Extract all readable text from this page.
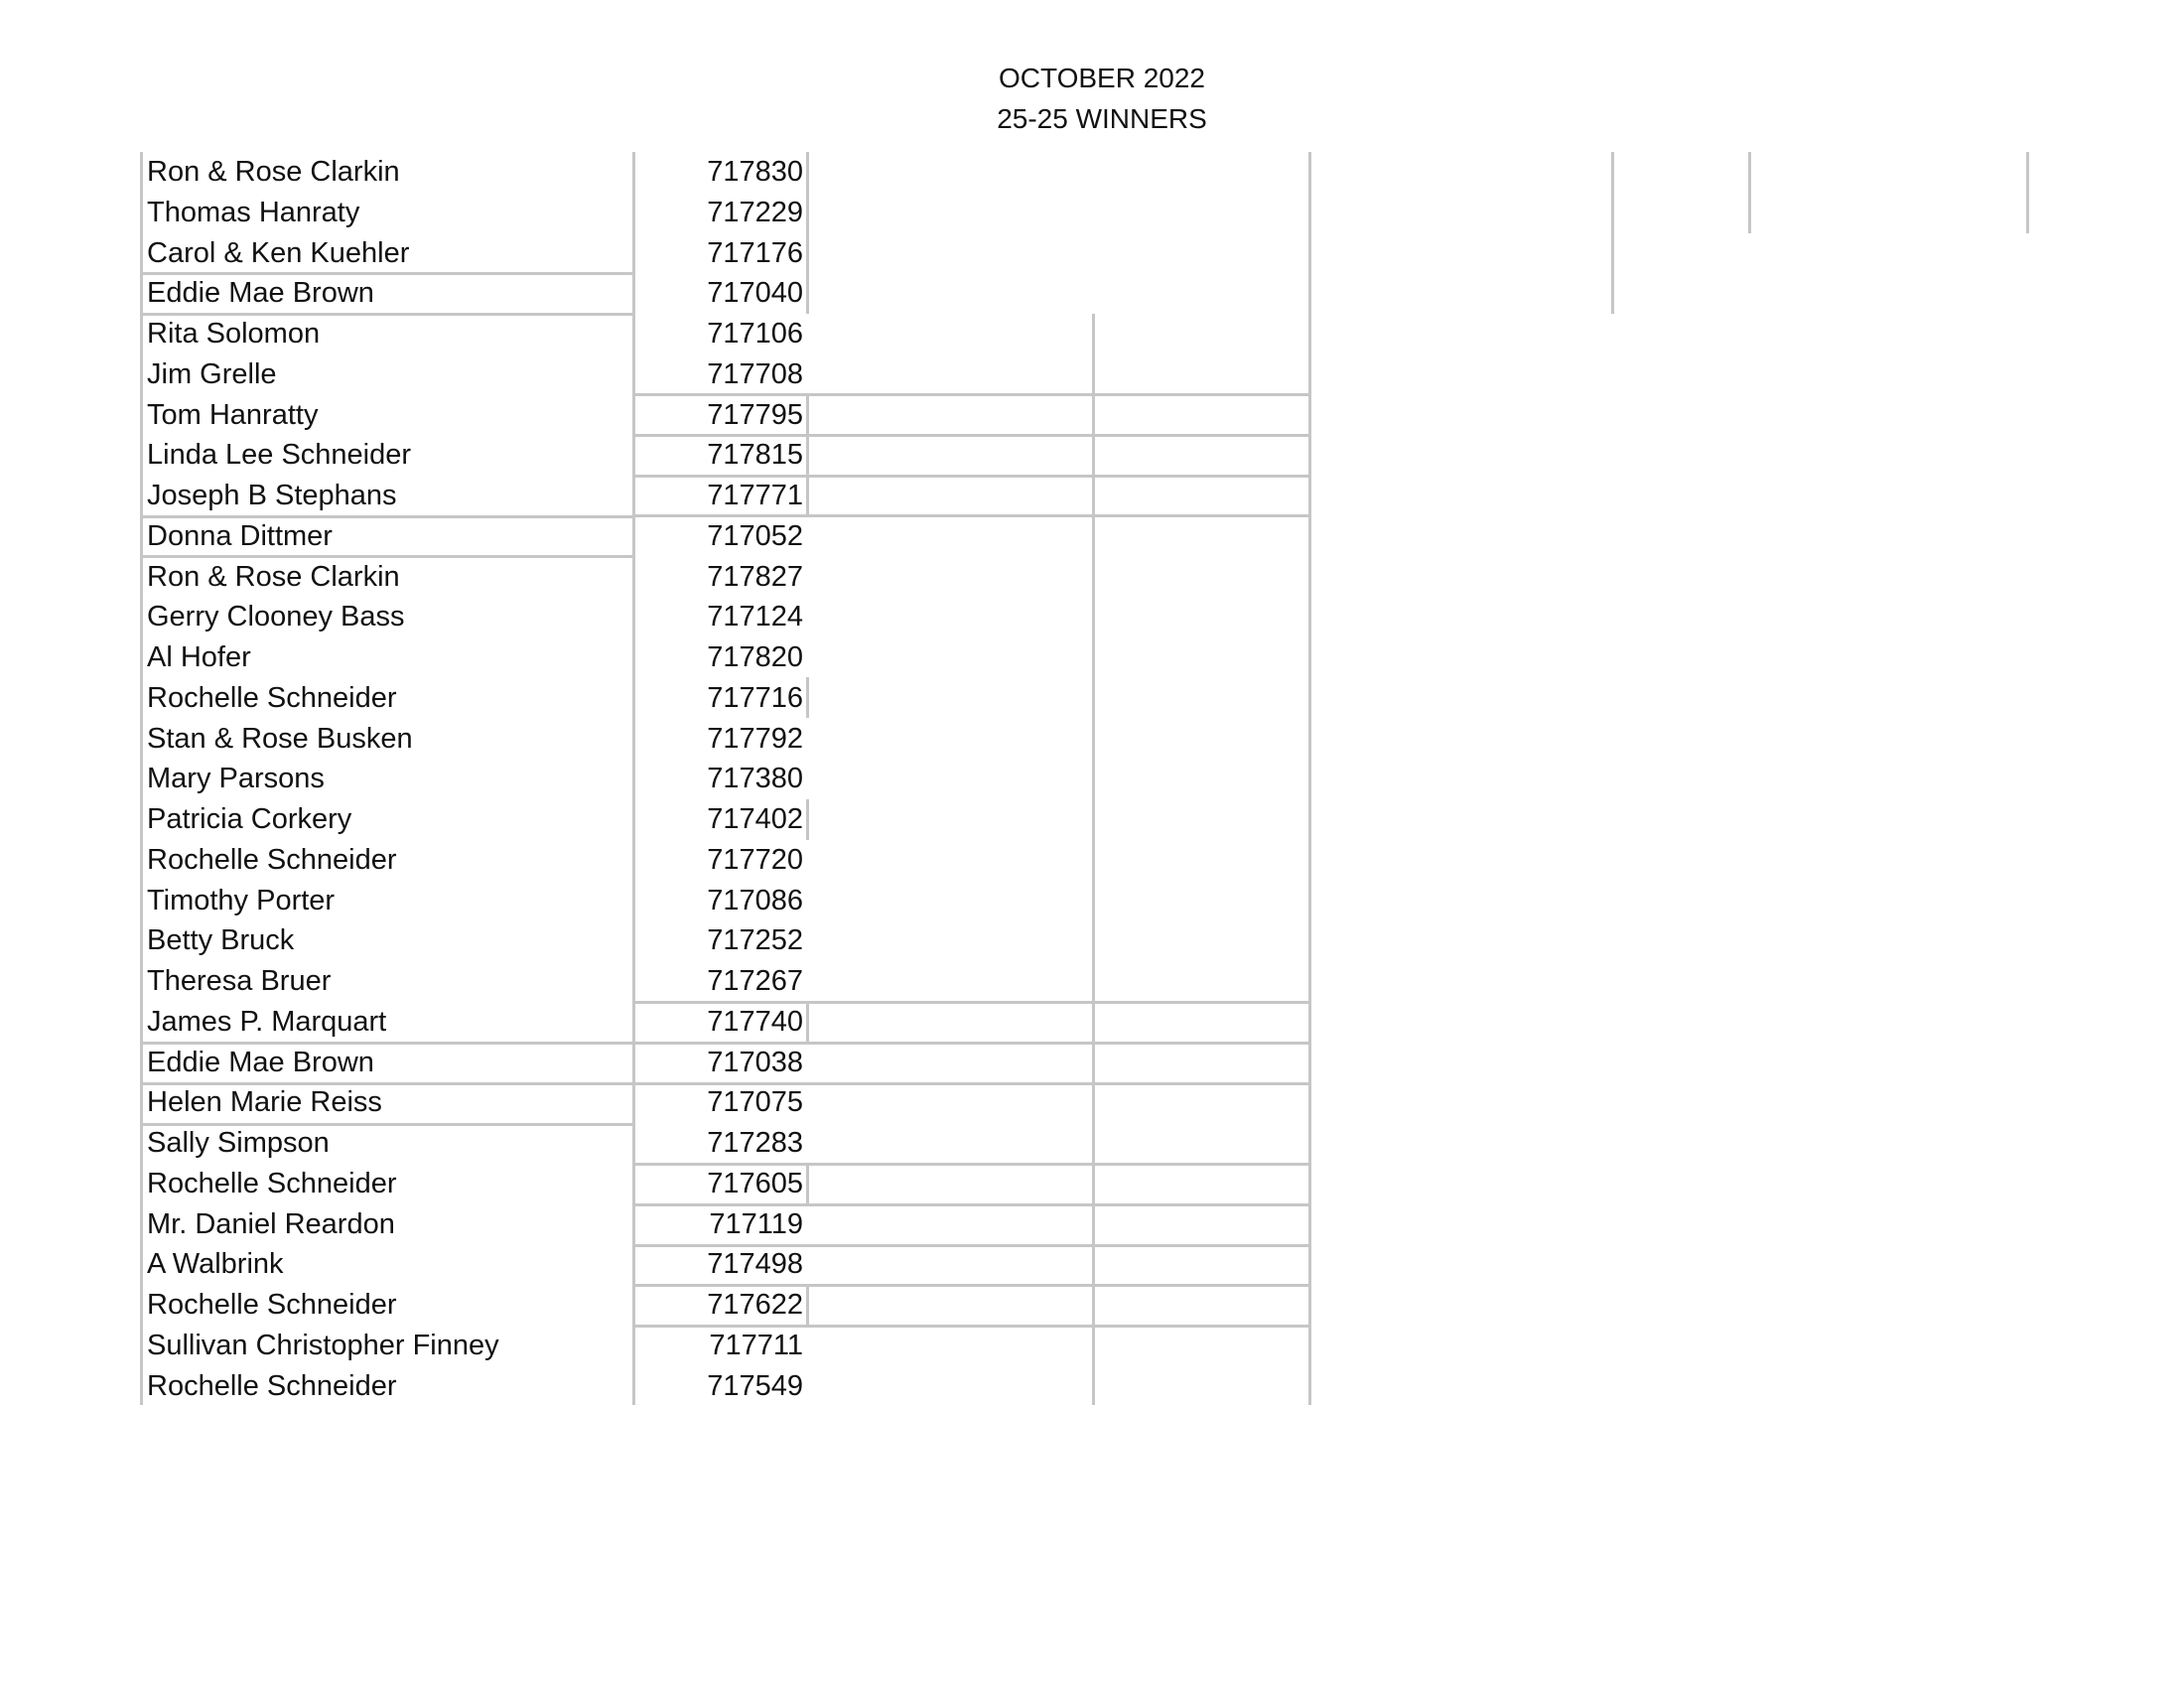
OCTOBER 2022
25-25 WINNERS
Ron & Rose Clarkin	717830
Thomas Hanraty	717229
Carol & Ken Kuehler	717176
Eddie Mae Brown	717040
Rita Solomon	717106
Jim Grelle	717708
Tom Hanratty	717795
Linda Lee Schneider	717815
Joseph B Stephans	717771
Donna Dittmer	717052
Ron & Rose Clarkin	717827
Gerry Clooney Bass	717124
Al Hofer	717820
Rochelle Schneider	717716
Stan & Rose Busken	717792
Mary Parsons	717380
Patricia Corkery	717402
Rochelle Schneider	717720
Timothy Porter	717086
Betty Bruck	717252
Theresa Bruer	717267
James P. Marquart	717740
Eddie Mae Brown	717038
Helen Marie Reiss	717075
Sally Simpson	717283
Rochelle Schneider	717605
Mr. Daniel Reardon	717119
A Walbrink	717498
Rochelle Schneider	717622
Sullivan Christopher Finney	717711
Rochelle Schneider	717549
